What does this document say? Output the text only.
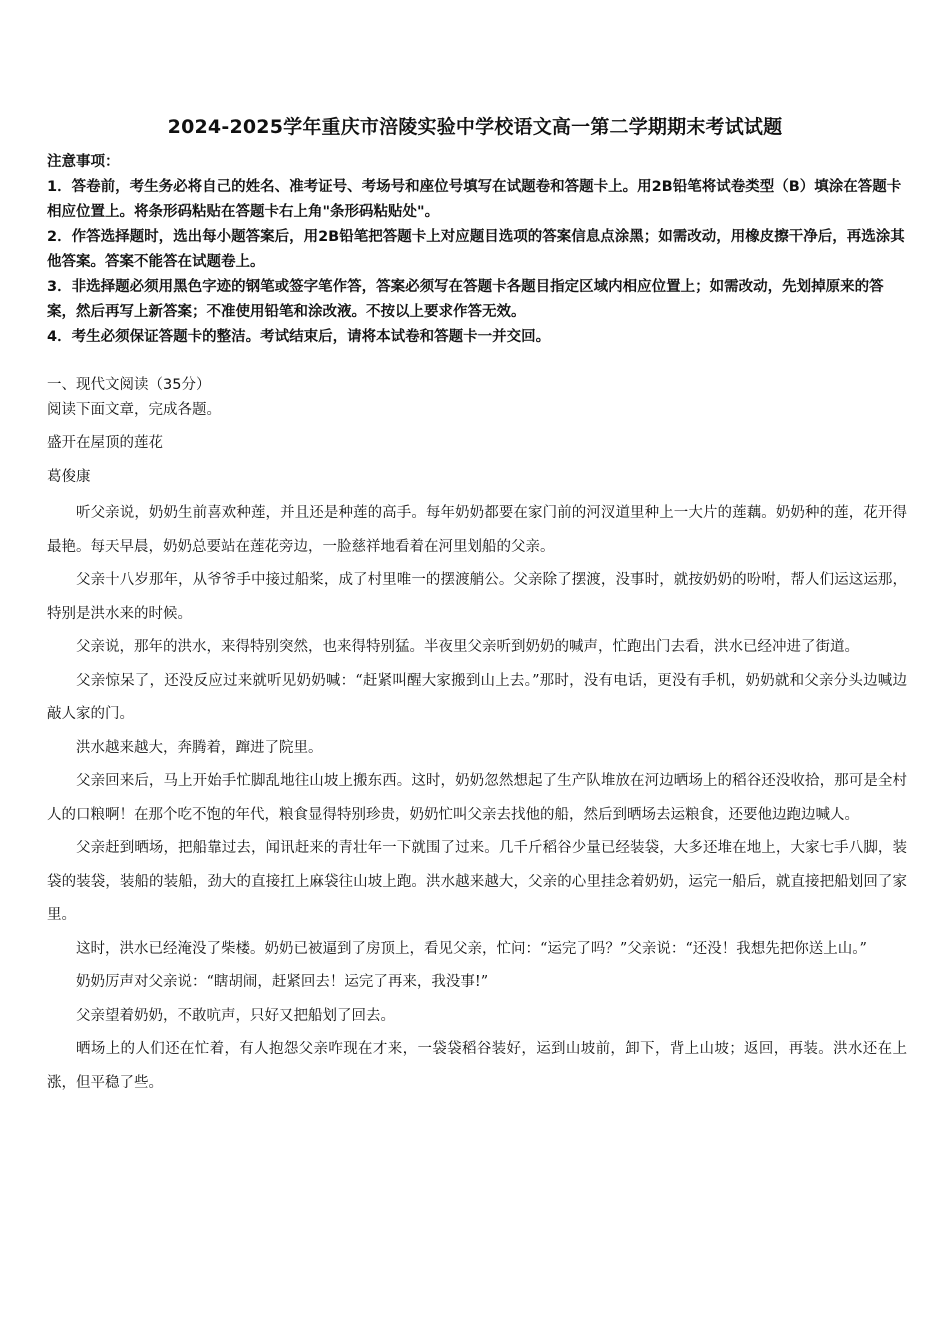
2024-2025学年重庆市涪陵实验中学校语文高一第二学期期末考试试题

注意事项：

1．答卷前，考生务必将自己的姓名、准考证号、考场号和座位号填写在试题卷和答题卡上。用2B铅笔将试卷类型（B）填涂在答题卡相应位置上。将条形码粘贴在答题卡右上角"条形码粘贴处"。

2．作答选择题时，选出每小题答案后，用2B铅笔把答题卡上对应题目选项的答案信息点涂黑；如需改动，用橡皮擦干净后，再选涂其他答案。答案不能答在试题卷上。

3．非选择题必须用黑色字迹的钢笔或签字笔作答，答案必须写在答题卡各题目指定区域内相应位置上；如需改动，先划掉原来的答案，然后再写上新答案；不准使用铅笔和涂改液。不按以上要求作答无效。

4．考生必须保证答题卡的整洁。考试结束后，请将本试卷和答题卡一并交回。

一、现代文阅读（35分）
阅读下面文章，完成各题。
盛开在屋顶的莲花
葛俊康

听父亲说，奶奶生前喜欢种莲，并且还是种莲的高手。每年奶奶都要在家门前的河汊道里种上一大片的莲藕。奶奶种的莲，花开得最艳。每天早晨，奶奶总要站在莲花旁边，一脸慈祥地看着在河里划船的父亲。

父亲十八岁那年，从爷爷手中接过船桨，成了村里唯一的摆渡艄公。父亲除了摆渡，没事时，就按奶奶的吩咐，帮人们运这运那，特别是洪水来的时候。

父亲说，那年的洪水，来得特别突然，也来得特别猛。半夜里父亲听到奶奶的喊声，忙跑出门去看，洪水已经冲进了街道。

父亲惊呆了，还没反应过来就听见奶奶喊：“赶紧叫醒大家搬到山上去。”那时，没有电话，更没有手机，奶奶就和父亲分头边喊边敲人家的门。

洪水越来越大，奔腾着，蹿进了院里。

父亲回来后，马上开始手忙脚乱地往山坡上搬东西。这时，奶奶忽然想起了生产队堆放在河边晒场上的稻谷还没收拾，那可是全村人的口粮啊！在那个吃不饱的年代，粮食显得特别珍贵，奶奶忙叫父亲去找他的船，然后到晒场去运粮食，还要他边跑边喊人。

父亲赶到晒场，把船靠过去，闻讯赶来的青壮年一下就围了过来。几千斤稻谷少量已经装袋，大多还堆在地上，大家七手八脚，装袋的装袋，装船的装船，劲大的直接扛上麻袋往山坡上跑。洪水越来越大，父亲的心里挂念着奶奶，运完一船后，就直接把船划回了家里。

这时，洪水已经淹没了柴楼。奶奶已被逼到了房顶上，看见父亲，忙问：“运完了吗？”父亲说：“还没！我想先把你送上山。”

奶奶厉声对父亲说：“瞎胡闹，赶紧回去！运完了再来，我没事!”

父亲望着奶奶，不敢吭声，只好又把船划了回去。

晒场上的人们还在忙着，有人抱怨父亲咋现在才来，一袋袋稻谷装好，运到山坡前，卸下，背上山坡；返回，再装。洪水还在上涨，但平稳了些。
